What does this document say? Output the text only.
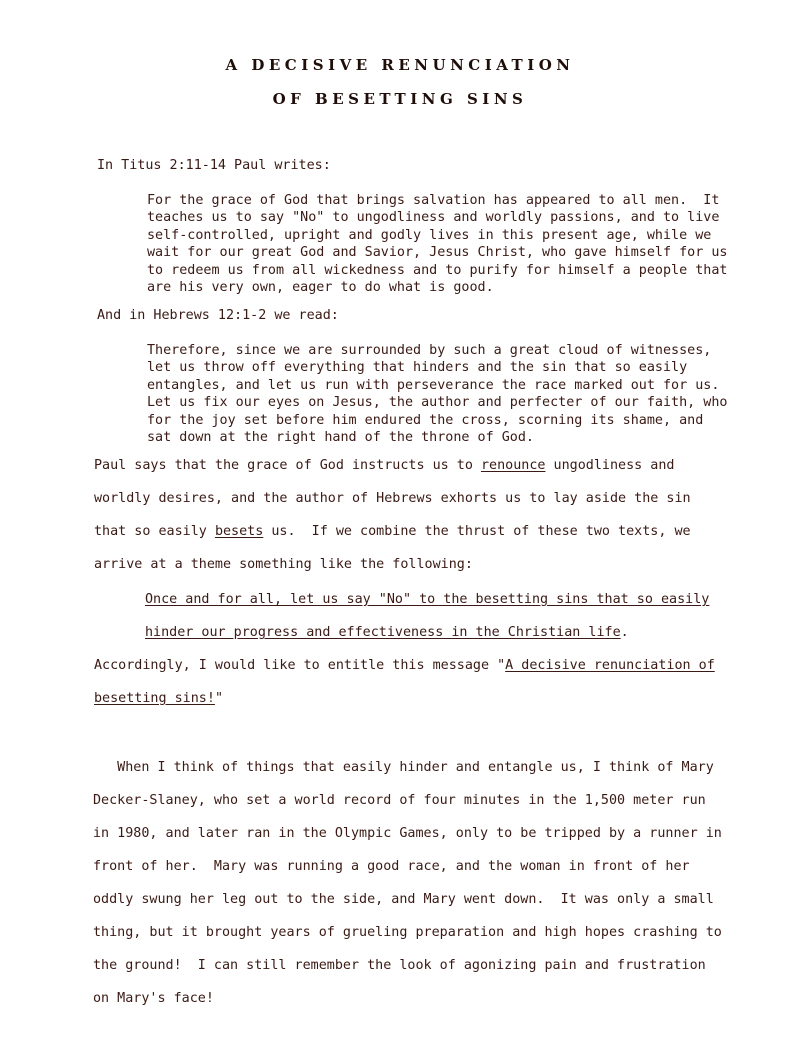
A DECISIVE RENUNCIATION
OF BESETTING SINS
In Titus 2:11-14 Paul writes:
For the grace of God that brings salvation has appeared to all men.  It
teaches us to say "No" to ungodliness and worldly passions, and to live
self-controlled, upright and godly lives in this present age, while we
wait for our great God and Savior, Jesus Christ, who gave himself for us
to redeem us from all wickedness and to purify for himself a people that
are his very own, eager to do what is good.
And in Hebrews 12:1-2 we read:
Therefore, since we are surrounded by such a great cloud of witnesses,
let us throw off everything that hinders and the sin that so easily
entangles, and let us run with perseverance the race marked out for us.
Let us fix our eyes on Jesus, the author and perfecter of our faith, who
for the joy set before him endured the cross, scorning its shame, and
sat down at the right hand of the throne of God.
Paul says that the grace of God instructs us to renounce ungodliness and
worldly desires, and the author of Hebrews exhorts us to lay aside the sin
that so easily besets us.  If we combine the thrust of these two texts, we
arrive at a theme something like the following:
Once and for all, let us say "No" to the besetting sins that so easily
hinder our progress and effectiveness in the Christian life.
Accordingly, I would like to entitle this message "A decisive renunciation of
besetting sins!"
When I think of things that easily hinder and entangle us, I think of Mary
Decker-Slaney, who set a world record of four minutes in the 1,500 meter run
in 1980, and later ran in the Olympic Games, only to be tripped by a runner in
front of her.  Mary was running a good race, and the woman in front of her
oddly swung her leg out to the side, and Mary went down.  It was only a small
thing, but it brought years of grueling preparation and high hopes crashing to
the ground!  I can still remember the look of agonizing pain and frustration
on Mary's face!
